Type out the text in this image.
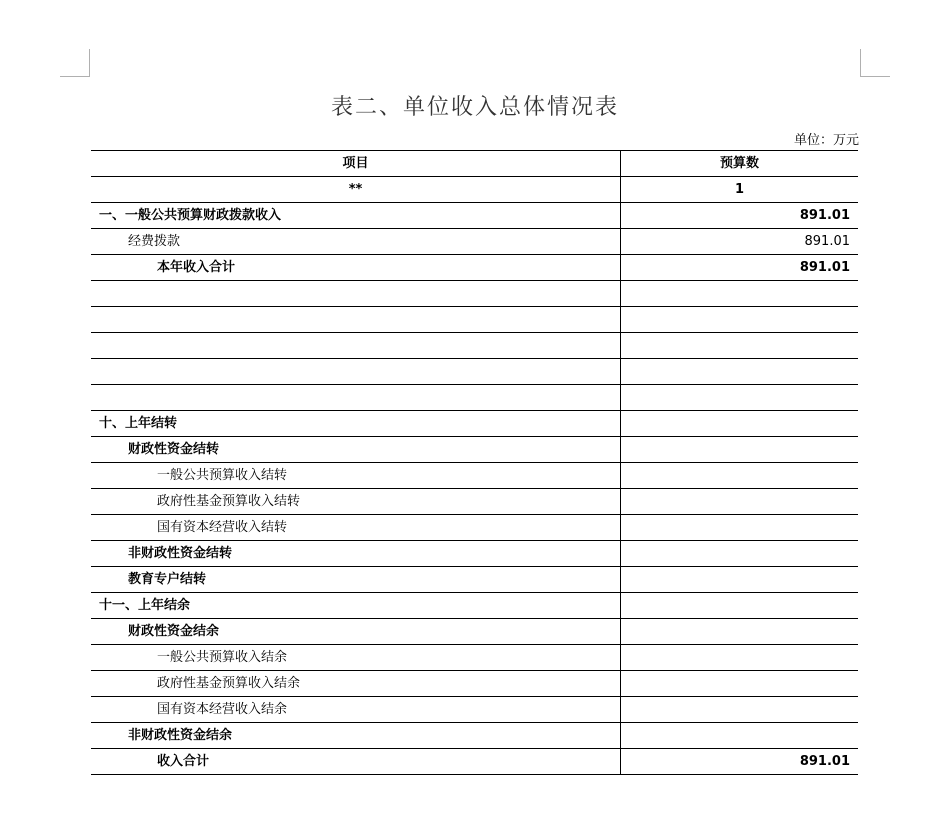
表二、单位收入总体情况表
单位：万元
项目	预算数
**	1
一、一般公共预算财政拨款收入	891.01
经费拨款	891.01
本年收入合计	891.01

十、上年结转	
财政性资金结转	
一般公共预算收入结转	
政府性基金预算收入结转	
国有资本经营收入结转	
非财政性资金结转	
教育专户结转	
十一、上年结余	
财政性资金结余	
一般公共预算收入结余	
政府性基金预算收入结余	
国有资本经营收入结余	
非财政性资金结余	
收入合计	891.01
